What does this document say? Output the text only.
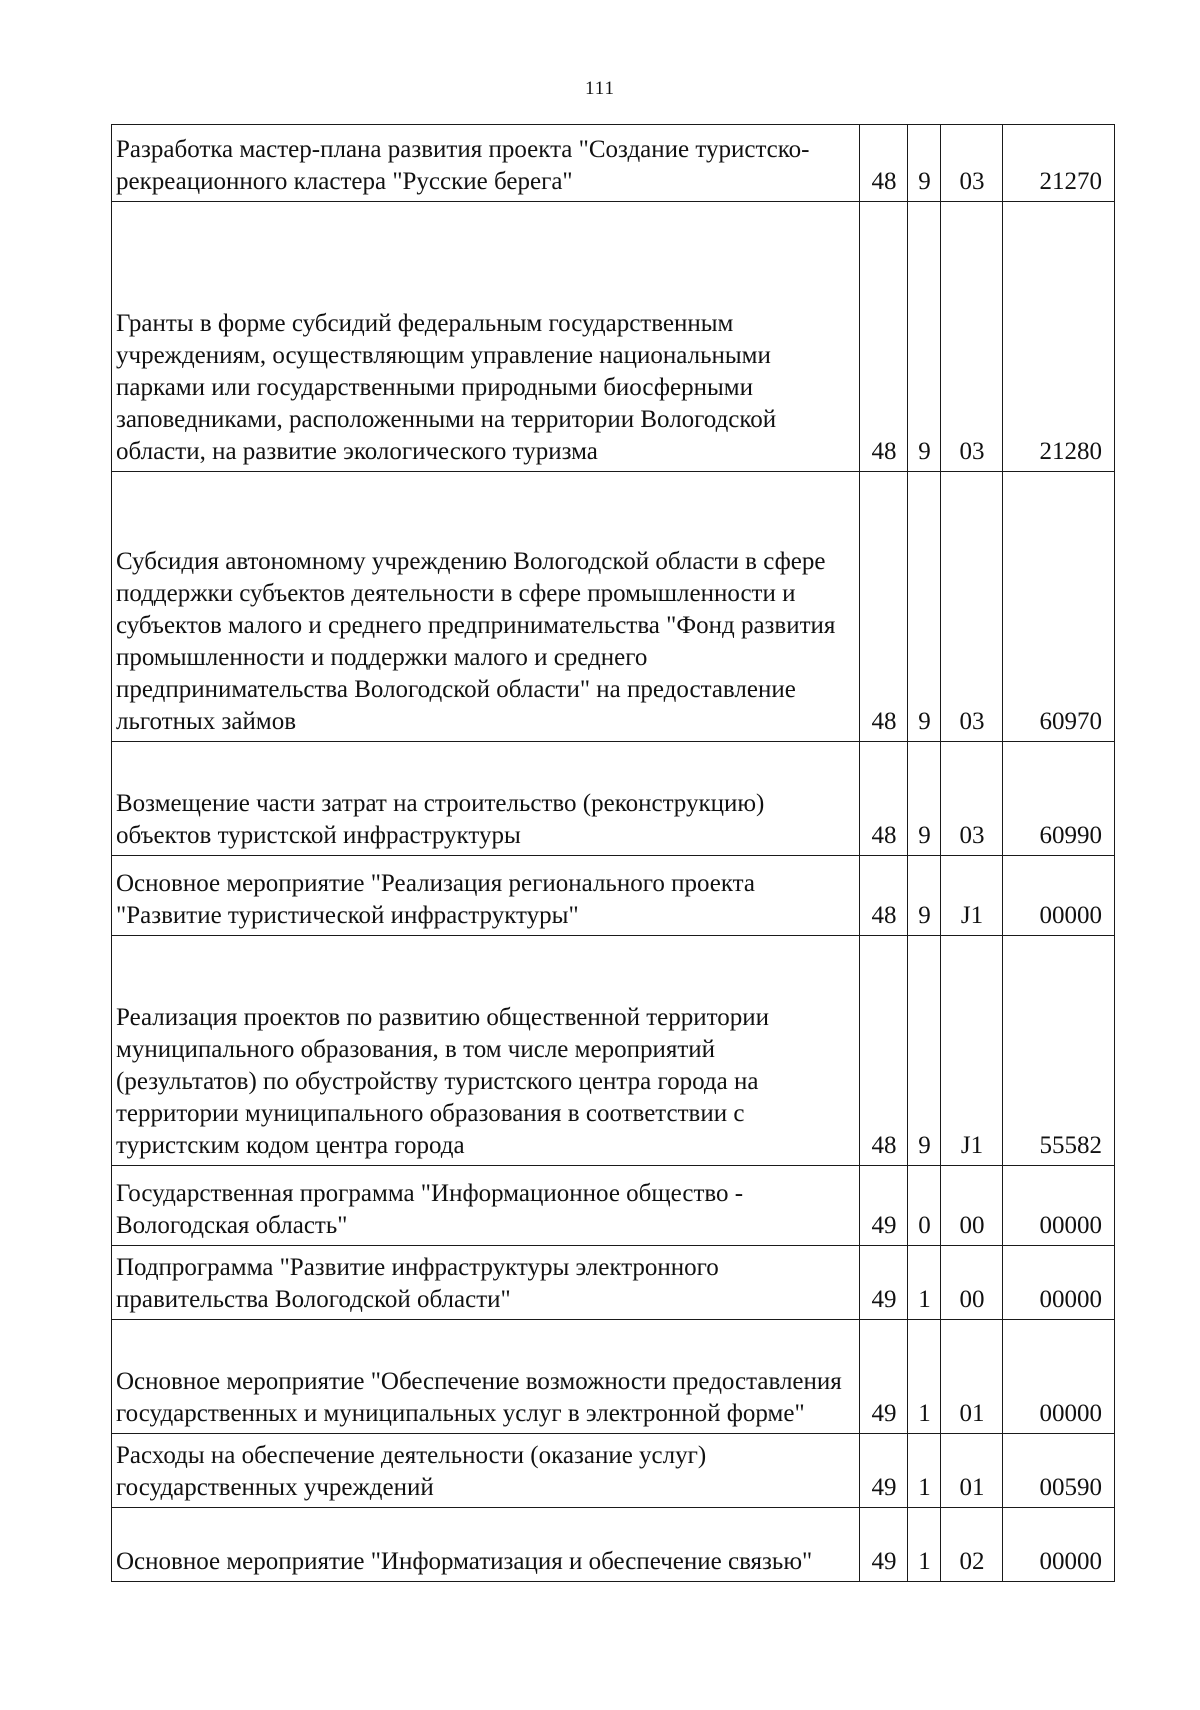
111
Разработка мастер-плана развития проекта "Создание туристско-рекреационного кластера "Русские берега"	48	9	03	21270

Гранты в форме субсидий федеральным государственным учреждениям, осуществляющим управление национальными парками или государственными природными биосферными заповедниками, расположенными на территории Вологодской области, на развитие экологического туризма	48	9	03	21280

Субсидия автономному учреждению Вологодской области в сфере поддержки субъектов деятельности в сфере промышленности и субъектов малого и среднего предпринимательства "Фонд развития промышленности и поддержки малого и среднего предпринимательства Вологодской области" на предоставление льготных займов	48	9	03	60970

Возмещение части затрат на строительство (реконструкцию) объектов туристской инфраструктуры	48	9	03	60990

Основное мероприятие "Реализация регионального проекта "Развитие туристической инфраструктуры"	48	9	J1	00000

Реализация проектов по развитию общественной территории муниципального образования, в том числе мероприятий (результатов) по обустройству туристского центра города на территории муниципального образования в соответствии с туристским кодом центра города	48	9	J1	55582

Государственная программа "Информационное общество - Вологодская область"	49	0	00	00000

Подпрограмма "Развитие инфраструктуры электронного правительства Вологодской области"	49	1	00	00000

Основное мероприятие "Обеспечение возможности предоставления государственных и муниципальных услуг в электронной форме"	49	1	01	00000

Расходы на обеспечение деятельности (оказание услуг) государственных учреждений	49	1	01	00590

Основное мероприятие "Информатизация и обеспечение связью"	49	1	02	00000
